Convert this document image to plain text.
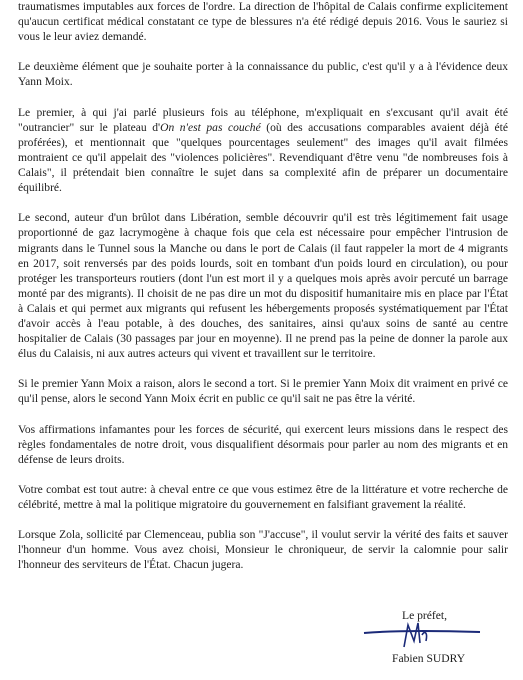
traumatismes imputables aux forces de l'ordre. La direction de l'hôpital de Calais confirme explicitement qu'aucun certificat médical constatant ce type de blessures n'a été rédigé depuis 2016. Vous le sauriez si vous le leur aviez demandé.

Le deuxième élément que je souhaite porter à la connaissance du public, c'est qu'il y a à l'évidence deux Yann Moix.

Le premier, à qui j'ai parlé plusieurs fois au téléphone, m'expliquait en s'excusant qu'il avait été "outrancier" sur le plateau d'On n'est pas couché (où des accusations comparables avaient déjà été proférées), et mentionnait que "quelques pourcentages seulement" des images qu'il avait filmées montraient ce qu'il appelait des "violences policières". Revendiquant d'être venu "de nombreuses fois à Calais", il prétendait bien connaître le sujet dans sa complexité afin de préparer un documentaire équilibré.

Le second, auteur d'un brûlot dans Libération, semble découvrir qu'il est très légitimement fait usage proportionné de gaz lacrymogène à chaque fois que cela est nécessaire pour empêcher l'intrusion de migrants dans le Tunnel sous la Manche ou dans le port de Calais (il faut rappeler la mort de 4 migrants en 2017, soit renversés par des poids lourds, soit en tombant d'un poids lourd en circulation), ou pour protéger les transporteurs routiers (dont l'un est mort il y a quelques mois après avoir percuté un barrage monté par des migrants). Il choisit de ne pas dire un mot du dispositif humanitaire mis en place par l'État à Calais et qui permet aux migrants qui refusent les hébergements proposés systématiquement par l'État d'avoir accès à l'eau potable, à des douches, des sanitaires, ainsi qu'aux soins de santé au centre hospitalier de Calais (30 passages par jour en moyenne). Il ne prend pas la peine de donner la parole aux élus du Calaisis, ni aux autres acteurs qui vivent et travaillent sur le territoire.

Si le premier Yann Moix a raison, alors le second a tort. Si le premier Yann Moix dit vraiment en privé ce qu'il pense, alors le second Yann Moix écrit en public ce qu'il sait ne pas être la vérité.

Vos affirmations infamantes pour les forces de sécurité, qui exercent leurs missions dans le respect des règles fondamentales de notre droit, vous disqualifient désormais pour parler au nom des migrants et en défense de leurs droits.

Votre combat est tout autre: à cheval entre ce que vous estimez être de la littérature et votre recherche de célébrité, mettre à mal la politique migratoire du gouvernement en falsifiant gravement la réalité.

Lorsque Zola, sollicité par Clemenceau, publia son "J'accuse", il voulut servir la vérité des faits et sauver l'honneur d'un homme. Vous avez choisi, Monsieur le chroniqueur, de servir la calomnie pour salir l'honneur des serviteurs de l'État. Chacun jugera.

Le préfet,
Fabien SUDRY
